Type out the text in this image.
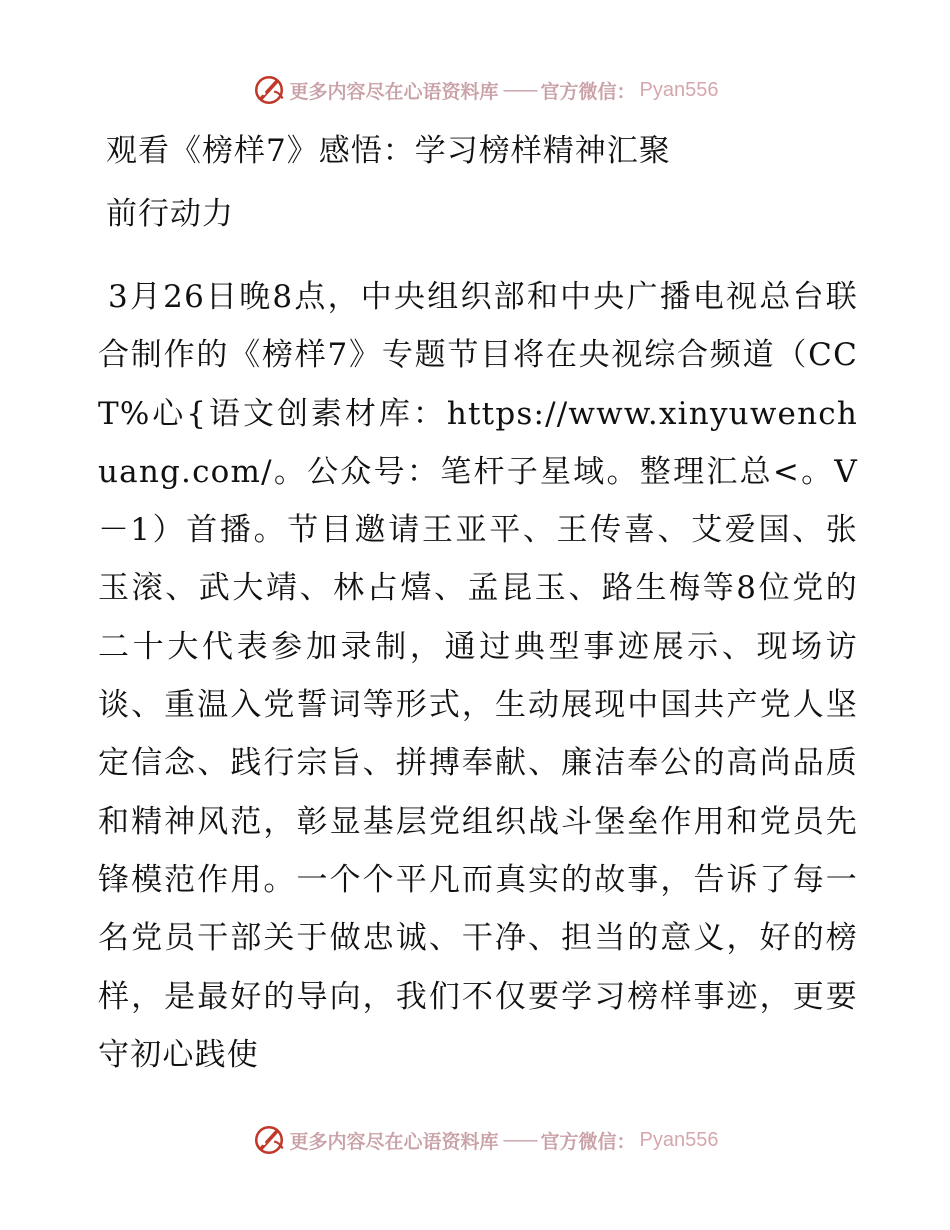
更多内容尽在心语资料库 —— 官方微信： Pyan556
观看《榜样7》感悟：学习榜样精神汇聚
前行动力

3月26日晚8点，中央组织部和中央广播电视总台联合制作的《榜样7》专题节目将在央视综合频道（CCT%心{语文创素材库：https://www.xinyuwenchuang.com/。公众号：笔杆子星域。整理汇总<。V－1）首播。节目邀请王亚平、王传喜、艾爱国、张玉滚、武大靖、林占熺、孟昆玉、路生梅等8位党的二十大代表参加录制，通过典型事迹展示、现场访谈、重温入党誓词等形式，生动展现中国共产党人坚定信念、践行宗旨、拼搏奉献、廉洁奉公的高尚品质和精神风范，彰显基层党组织战斗堡垒作用和党员先锋模范作用。一个个平凡而真实的故事，告诉了每一名党员干部关于做忠诚、干净、担当的意义，好的榜样，是最好的导向，我们不仅要学习榜样事迹，更要守初心践使

更多内容尽在心语资料库 —— 官方微信： Pyan556
